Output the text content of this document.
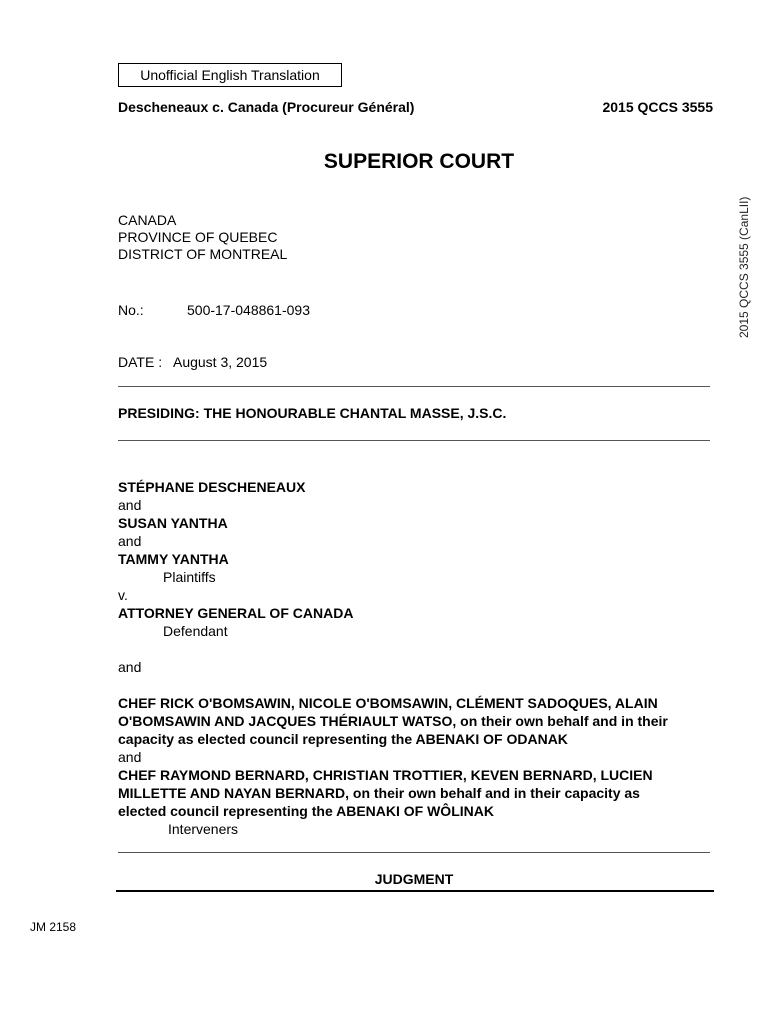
Unofficial English Translation
Descheneaux c. Canada (Procureur Général)	2015 QCCS 3555
SUPERIOR COURT
2015 QCCS 3555 (CanLII)
CANADA
PROVINCE OF QUEBEC
DISTRICT OF MONTREAL
No.:	500-17-048861-093
DATE : August 3, 2015
PRESIDING: THE HONOURABLE CHANTAL MASSE, J.S.C.
STÉPHANE DESCHENEAUX
and
SUSAN YANTHA
and
TAMMY YANTHA
Plaintiffs
v.
ATTORNEY GENERAL OF CANADA
Defendant
and
CHEF RICK O'BOMSAWIN, NICOLE O'BOMSAWIN, CLÉMENT SADOQUES, ALAIN
O'BOMSAWIN AND JACQUES THÉRIAULT WATSO, on their own behalf and in their
capacity as elected council representing the ABENAKI OF ODANAK
and
CHEF RAYMOND BERNARD, CHRISTIAN TROTTIER, KEVEN BERNARD, LUCIEN
MILLETTE AND NAYAN BERNARD, on their own behalf and in their capacity as
elected council representing the ABENAKI OF WÔLINAK
Interveners
JUDGMENT
JM 2158
